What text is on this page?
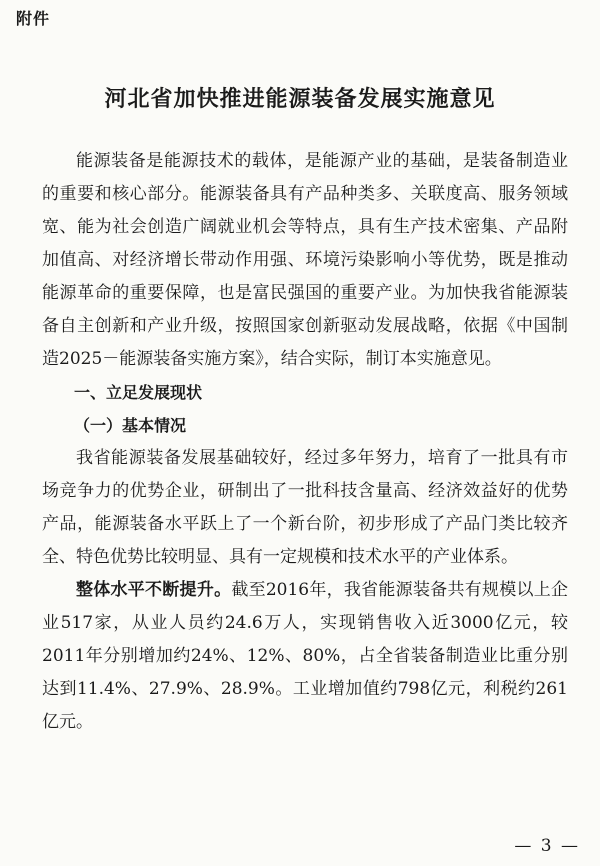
附件
河北省加快推进能源装备发展实施意见

能源装备是能源技术的载体，是能源产业的基础，是装备制造业的重要和核心部分。能源装备具有产品种类多、关联度高、服务领域宽、能为社会创造广阔就业机会等特点，具有生产技术密集、产品附加值高、对经济增长带动作用强、环境污染影响小等优势，既是推动能源革命的重要保障，也是富民强国的重要产业。为加快我省能源装备自主创新和产业升级，按照国家创新驱动发展战略，依据《中国制造2025－能源装备实施方案》，结合实际，制订本实施意见。

一、立足发展现状
（一）基本情况

我省能源装备发展基础较好，经过多年努力，培育了一批具有市场竞争力的优势企业，研制出了一批科技含量高、经济效益好的优势产品，能源装备水平跃上了一个新台阶，初步形成了产品门类比较齐全、特色优势比较明显、具有一定规模和技术水平的产业体系。

整体水平不断提升。截至2016年，我省能源装备共有规模以上企业517家，从业人员约24.6万人，实现销售收入近3000亿元，较2011年分别增加约24%、12%、80%，占全省装备制造业比重分别达到11.4%、27.9%、28.9%。工业增加值约798亿元，利税约261亿元。

— 3 —
